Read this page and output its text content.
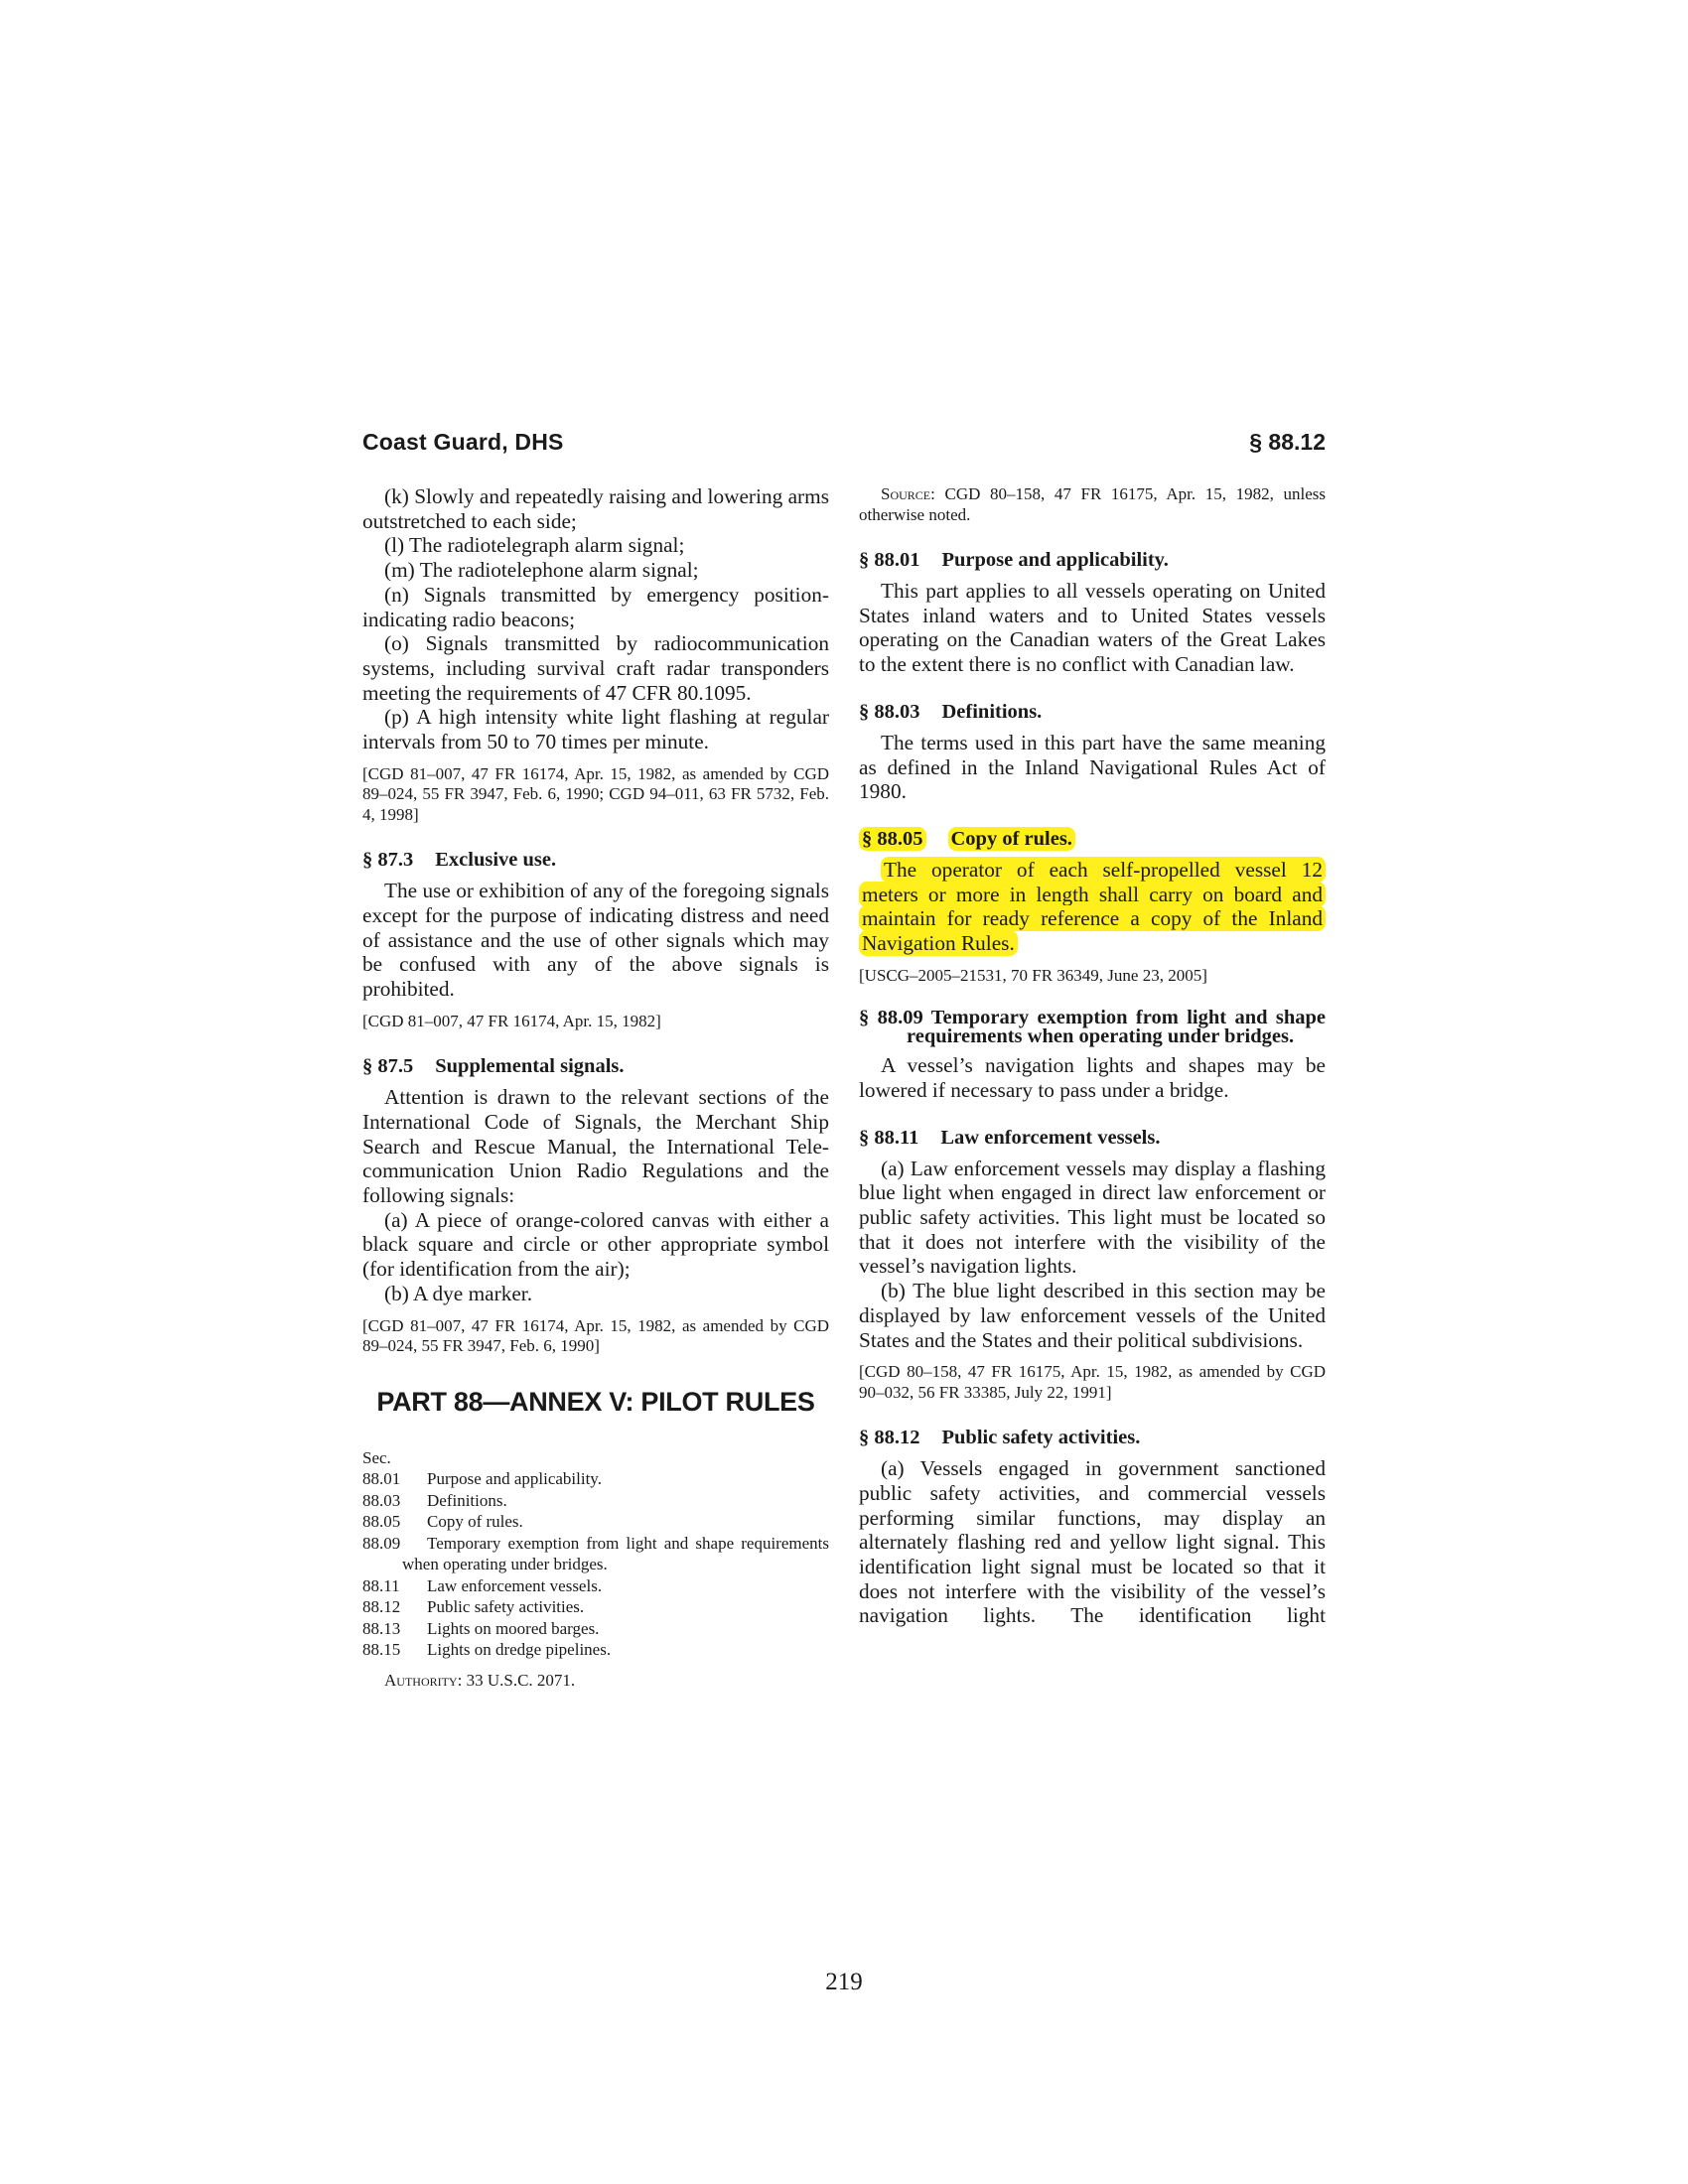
Coast Guard, DHS	§ 88.12

(k) Slowly and repeatedly raising and lowering arms outstretched to each side;

(l) The radiotelegraph alarm signal;

(m) The radiotelephone alarm signal;

(n) Signals transmitted by emergency position-indicating radio beacons;

(o) Signals transmitted by radiocommunication systems, including survival craft radar transponders meeting the requirements of 47 CFR 80.1095.

(p) A high intensity white light flashing at regular intervals from 50 to 70 times per minute.

[CGD 81–007, 47 FR 16174, Apr. 15, 1982, as amended by CGD 89–024, 55 FR 3947, Feb. 6, 1990; CGD 94–011, 63 FR 5732, Feb. 4, 1998]

§ 87.3 Exclusive use.

The use or exhibition of any of the foregoing signals except for the purpose of indicating distress and need of assistance and the use of other signals which may be confused with any of the above signals is prohibited.

[CGD 81–007, 47 FR 16174, Apr. 15, 1982]

§ 87.5 Supplemental signals.

Attention is drawn to the relevant sections of the International Code of Signals, the Merchant Ship Search and Rescue Manual, the International Telecommunication Union Radio Regulations and the following signals:

(a) A piece of orange-colored canvas with either a black square and circle or other appropriate symbol (for identification from the air);

(b) A dye marker.

[CGD 81–007, 47 FR 16174, Apr. 15, 1982, as amended by CGD 89–024, 55 FR 3947, Feb. 6, 1990]

PART 88—ANNEX V: PILOT RULES
Sec.
88.01	Purpose and applicability.
88.03	Definitions.
88.05	Copy of rules.
88.09 Temporary exemption from light and shape requirements when operating under bridges.
88.11	Law enforcement vessels.
88.12	Public safety activities.
88.13	Lights on moored barges.
88.15	Lights on dredge pipelines.

Authority: 33 U.S.C. 2071.

Source: CGD 80–158, 47 FR 16175, Apr. 15, 1982, unless otherwise noted.

§ 88.01 Purpose and applicability.

This part applies to all vessels operating on United States inland waters and to United States vessels operating on the Canadian waters of the Great Lakes to the extent there is no conflict with Canadian law.

§ 88.03 Definitions.

The terms used in this part have the same meaning as defined in the Inland Navigational Rules Act of 1980.

§ 88.05 Copy of rules.

The operator of each self-propelled vessel 12 meters or more in length shall carry on board and maintain for ready reference a copy of the Inland Navigation Rules.

[USCG–2005–21531, 70 FR 36349, June 23, 2005]

§ 88.09 Temporary exemption from light and shape requirements when operating under bridges.

A vessel’s navigation lights and shapes may be lowered if necessary to pass under a bridge.

§ 88.11 Law enforcement vessels.

(a) Law enforcement vessels may display a flashing blue light when engaged in direct law enforcement or public safety activities. This light must be located so that it does not interfere with the visibility of the vessel’s navigation lights.

(b) The blue light described in this section may be displayed by law enforcement vessels of the United States and the States and their political subdivisions.

[CGD 80–158, 47 FR 16175, Apr. 15, 1982, as amended by CGD 90–032, 56 FR 33385, July 22, 1991]

§ 88.12 Public safety activities.

(a) Vessels engaged in government sanctioned public safety activities, and commercial vessels performing similar functions, may display an alternately flashing red and yellow light signal. This identification light signal must be located so that it does not interfere with the visibility of the vessel’s navigation lights. The identification light

219
